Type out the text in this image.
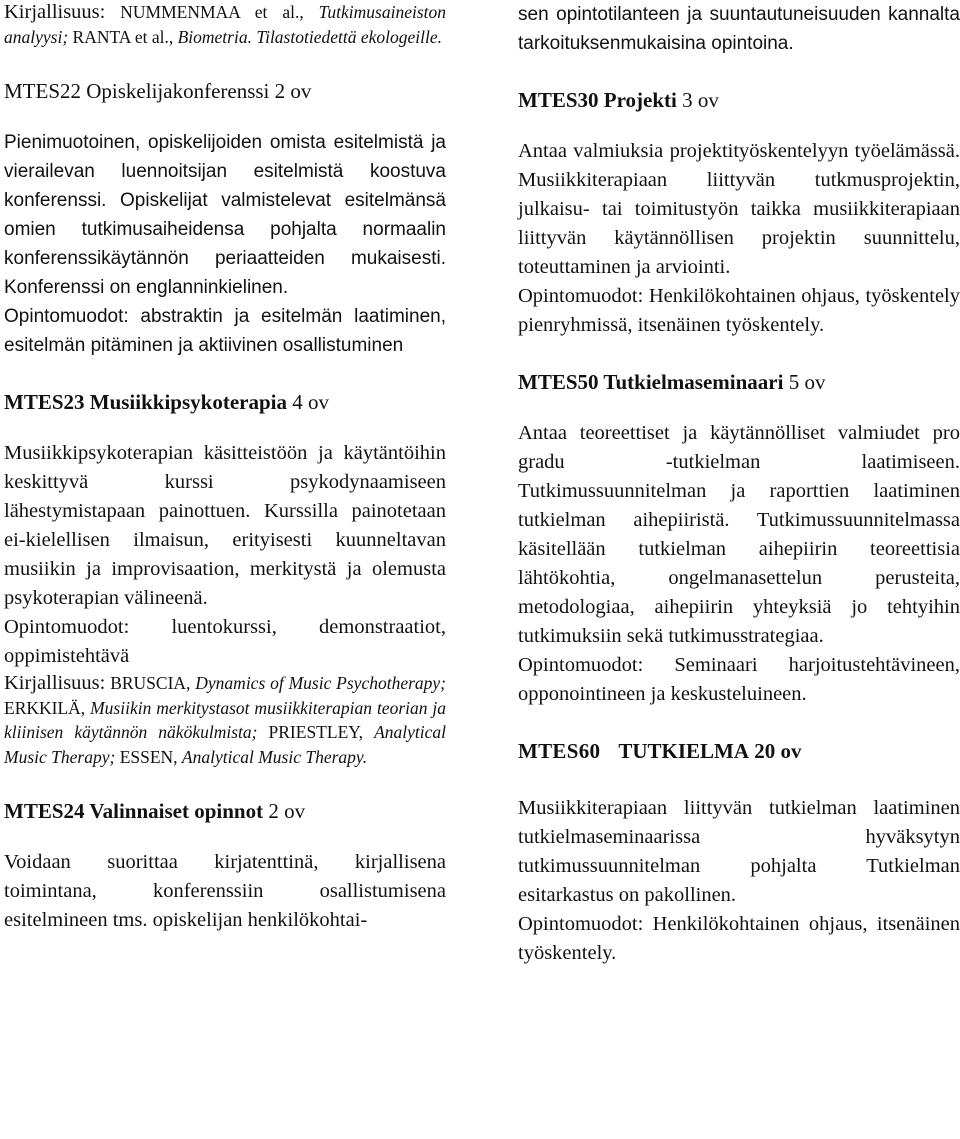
Kirjallisuus: NUMMENMAA et al., Tutkimusaineiston analyysi; RANTA et al., Biometria. Tilastotiedettä ekologeille.

MTES22 Opiskelijakonferenssi 2 ov

Pienimuotoinen, opiskelijoiden omista esitelmistä ja vierailevan luennoitsijan esitelmistä koostuva konferenssi. Opiskelijat valmistelevat esitelmänsä omien tutkimusaiheidensa pohjalta normaalin konferenssikäytännön periaatteiden mukaisesti. Konferenssi on englanninkielinen.

Opintomuodot: abstraktin ja esitelmän laatiminen, esitelmän pitäminen ja aktiivinen osallistuminen

MTES23 Musiikkipsykoterapia 4 ov

Musiikkipsykoterapian käsitteistöön ja käytäntöihin keskittyvä kurssi psykodynaamiseen lähestymistapaan painottuen. Kurssilla painotetaan ei-kielellisen ilmaisun, erityisesti kuunneltavan musiikin ja improvisaation, merkitystä ja olemusta psykoterapian välineenä.

Opintomuodot: luentokurssi, demonstraatiot, oppimistehtävä

Kirjallisuus: BRUSCIA, Dynamics of Music Psychotherapy; ERKKILÄ, Musiikin merkitystasot musiikkiterapian teorian ja kliinisen käytännön näkökulmista; PRIESTLEY, Analytical Music Therapy; ESSEN, Analytical Music Therapy.

MTES24 Valinnaiset opinnot 2 ov

Voidaan suorittaa kirjatenttinä, kirjallisena toimintana, konferenssiin osallistumisena esitelmineen tms. opiskelijan henkilökohtai-

sen opintotilanteen ja suuntautuneisuuden kannalta tarkoituksenmukaisina opintoina.

MTES30 Projekti 3 ov

Antaa valmiuksia projektityöskentelyyn työelämässä. Musiikkiterapiaan liittyvän tutkmusprojektin, julkaisu- tai toimitustyön taikka musiikkiterapiaan liittyvän käytännöllisen projektin suunnittelu, toteuttaminen ja arviointi.

Opintomuodot: Henkilökohtainen ohjaus, työskentely pienryhmissä, itsenäinen työskentely.

MTES50 Tutkielmaseminaari 5 ov

Antaa teoreettiset ja käytännölliset valmiudet pro gradu -tutkielman laatimiseen. Tutkimussuunnitelman ja raporttien laatiminen tutkielman aihepiiristä. Tutkimussuunnitelmassa käsitellään tutkielman aihepiirin teoreettisia lähtökohtia, ongelmanasettelun perusteita, metodologiaa, aihepiirin yhteyksiä jo tehtyihin tutkimuksiin sekä tutkimusstrategiaa.

Opintomuodot: Seminaari harjoitustehtävineen, opponointineen ja keskusteluineen.

MTES60 TUTKIELMA 20 ov

Musiikkiterapiaan liittyvän tutkielman laatiminen tutkielmaseminaarissa hyväksytyn tutkimussuunnitelman pohjalta Tutkielman esitarkastus on pakollinen.

Opintomuodot: Henkilökohtainen ohjaus, itsenäinen työskentely.
